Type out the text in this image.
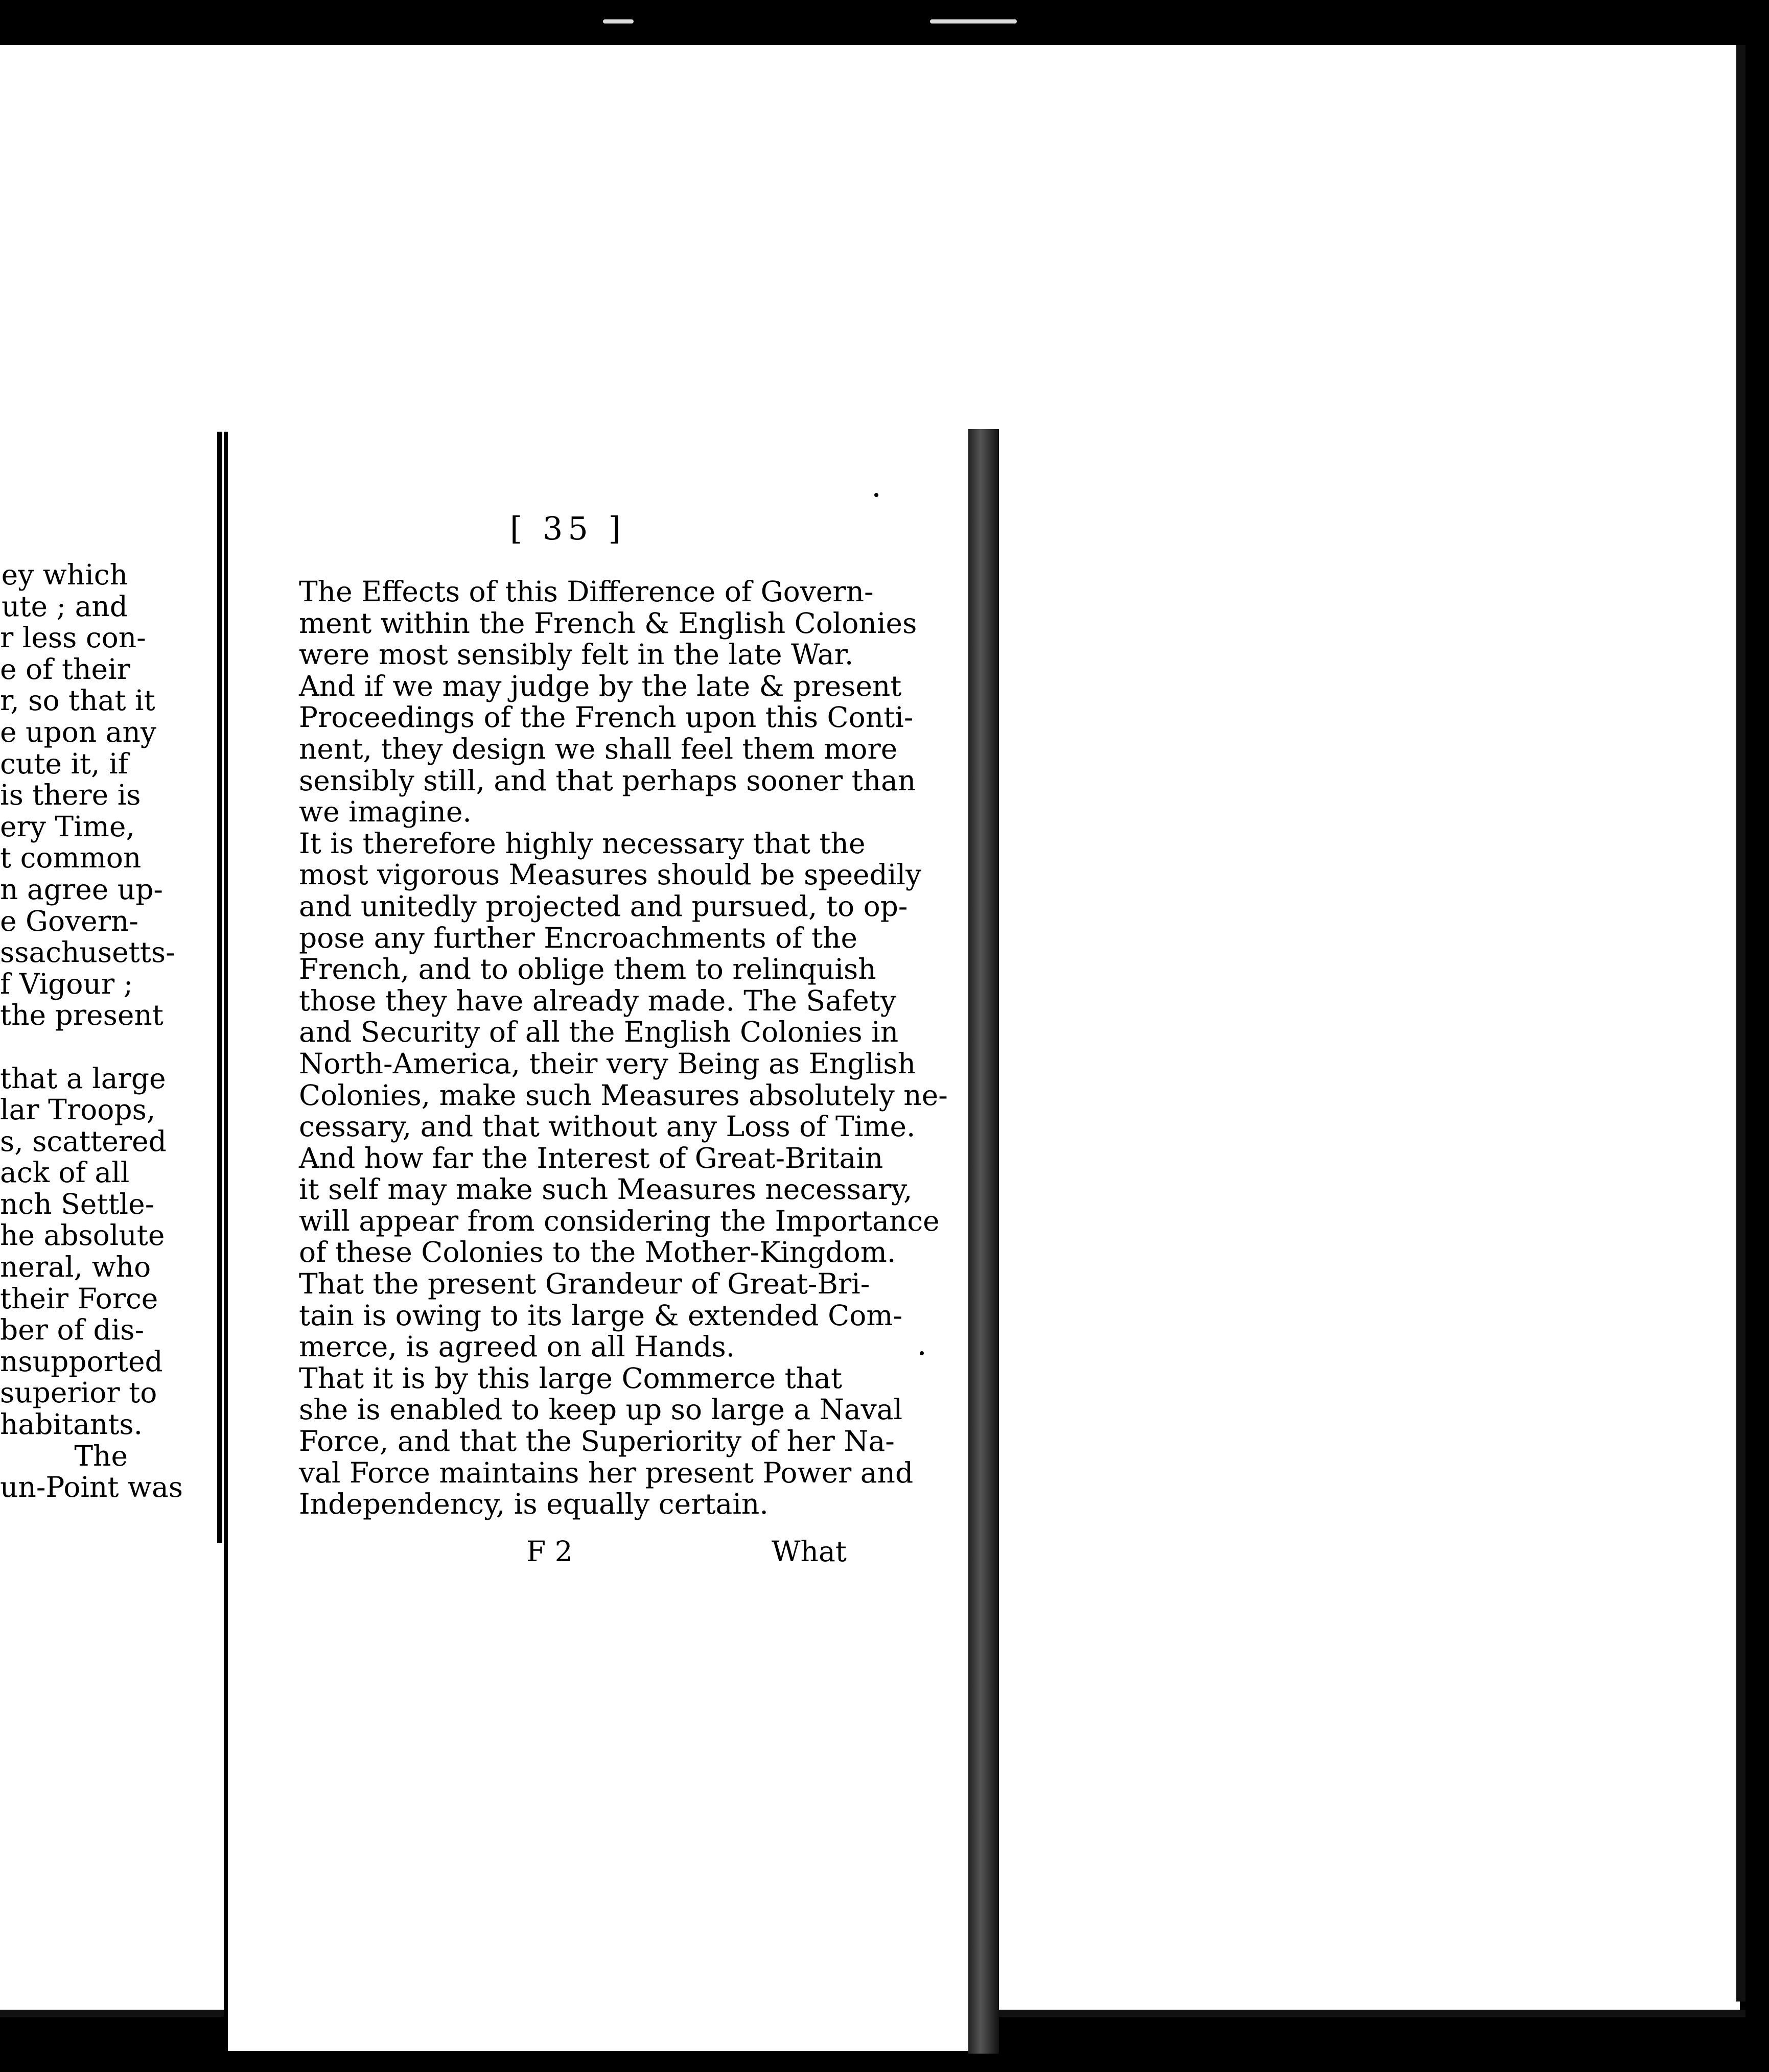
ey which
ute ; and
r less con-
e of their
r, so that it
e upon any
cute it, if
is there is
ery Time,
t common
n agree up-
e Govern-
ssachusetts-
f Vigour ;
the present

that a large
lar Troops,
s, scattered
ack of all
nch Settle-
he absolute
neral, who
their Force
ber of dis-
nsupported
superior to
habitants.
The
un-Point was
[ 35 ]
The Effects of this Difference of Govern-
ment within the French & English Colonies
were most sensibly felt in the late War.
And if we may judge by the late & present
Proceedings of the French upon this Conti-
nent, they design we shall feel them more
sensibly still, and that perhaps sooner than
we imagine.
It is therefore highly necessary that the
most vigorous Measures should be speedily
and unitedly projected and pursued, to op-
pose any further Encroachments of the
French, and to oblige them to relinquish
those they have already made. The Safety
and Security of all the English Colonies in
North-America, their very Being as English
Colonies, make such Measures absolutely ne-
cessary, and that without any Loss of Time.
And how far the Interest of Great-Britain
it self may make such Measures necessary,
will appear from considering the Importance
of these Colonies to the Mother-Kingdom.
That the present Grandeur of Great-Bri-
tain is owing to its large & extended Com-
merce, is agreed on all Hands.
That it is by this large Commerce that
she is enabled to keep up so large a Naval
Force, and that the Superiority of her Na-
val Force maintains her present Power and
Independency, is equally certain.
F 2	What
